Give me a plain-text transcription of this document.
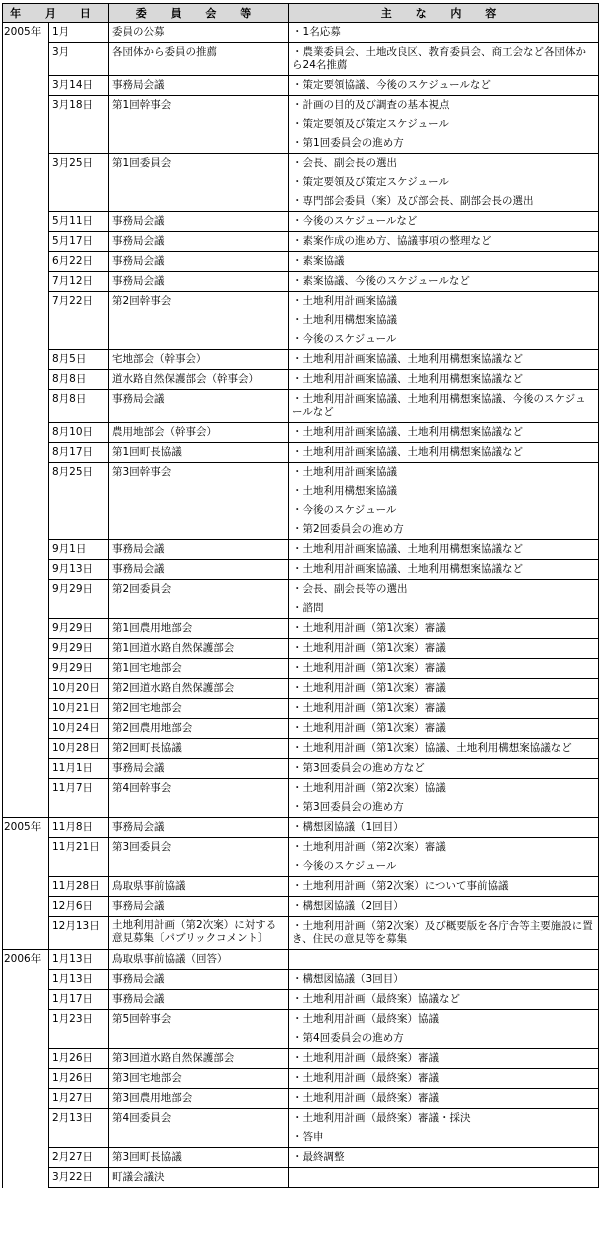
年 月 日		委 員 会 等	主 な 内 容
2005年	1月	委員の公募	・1名応募

	3月	各団体から委員の推薦	・農業委員会、土地改良区、教育委員会、商工会など各団体から24名推薦

	3月14日	事務局会議	・策定要領協議、今後のスケジュールなど

	3月18日	第1回幹事会	・計画の目的及び調査の基本視点
・策定要領及び策定スケジュール
・第1回委員会の進め方

	3月25日	第1回委員会	・会長、副会長の選出
・策定要領及び策定スケジュール
・専門部会委員（案）及び部会長、副部会長の選出

	5月11日	事務局会議	・今後のスケジュールなど

	5月17日	事務局会議	・素案作成の進め方、協議事項の整理など

	6月22日	事務局会議	・素案協議

	7月12日	事務局会議	・素案協議、今後のスケジュールなど

	7月22日	第2回幹事会	・土地利用計画案協議
・土地利用構想案協議
・今後のスケジュール

	8月5日	宅地部会（幹事会）	・土地利用計画案協議、土地利用構想案協議など

	8月8日	道水路自然保護部会（幹事会）	・土地利用計画案協議、土地利用構想案協議など

	8月8日	事務局会議	・土地利用計画案協議、土地利用構想案協議、今後のスケジュールなど

	8月10日	農用地部会（幹事会）	・土地利用計画案協議、土地利用構想案協議など

	8月17日	第1回町長協議	・土地利用計画案協議、土地利用構想案協議など

	8月25日	第3回幹事会	・土地利用計画案協議
・土地利用構想案協議
・今後のスケジュール
・第2回委員会の進め方

	9月1日	事務局会議	・土地利用計画案協議、土地利用構想案協議など

	9月13日	事務局会議	・土地利用計画案協議、土地利用構想案協議など

	9月29日	第2回委員会	・会長、副会長等の選出
・諮問

	9月29日	第1回農用地部会	・土地利用計画（第1次案）審議

	9月29日	第1回道水路自然保護部会	・土地利用計画（第1次案）審議

	9月29日	第1回宅地部会	・土地利用計画（第1次案）審議

	10月20日	第2回道水路自然保護部会	・土地利用計画（第1次案）審議

	10月21日	第2回宅地部会	・土地利用計画（第1次案）審議

	10月24日	第2回農用地部会	・土地利用計画（第1次案）審議

	10月28日	第2回町長協議	・土地利用計画（第1次案）協議、土地利用構想案協議など

	11月1日	事務局会議	・第3回委員会の進め方など

	11月7日	第4回幹事会	・土地利用計画（第2次案）協議
・第3回委員会の進め方

2005年	11月8日	事務局会議	・構想図協議（1回目）

	11月21日	第3回委員会	・土地利用計画（第2次案）審議
・今後のスケジュール

	11月28日	鳥取県事前協議	・土地利用計画（第2次案）について事前協議

	12月6日	事務局会議	・構想図協議（2回目）

	12月13日	土地利用計画（第2次案）に対する意見募集〔パブリックコメント〕	・土地利用計画（第2次案）及び概要版を各庁舎等主要施設に置き、住民の意見等を募集

2006年	1月13日	鳥取県事前協議（回答）	
	1月13日	事務局会議	・構想図協議（3回目）

	1月17日	事務局会議	・土地利用計画（最終案）協議など

	1月23日	第5回幹事会	・土地利用計画（最終案）協議
・第4回委員会の進め方

	1月26日	第3回道水路自然保護部会	・土地利用計画（最終案）審議

	1月26日	第3回宅地部会	・土地利用計画（最終案）審議

	1月27日	第3回農用地部会	・土地利用計画（最終案）審議

	2月13日	第4回委員会	・土地利用計画（最終案）審議・採決
・答申

	2月27日	第3回町長協議	・最終調整

	3月22日	町議会議決	
